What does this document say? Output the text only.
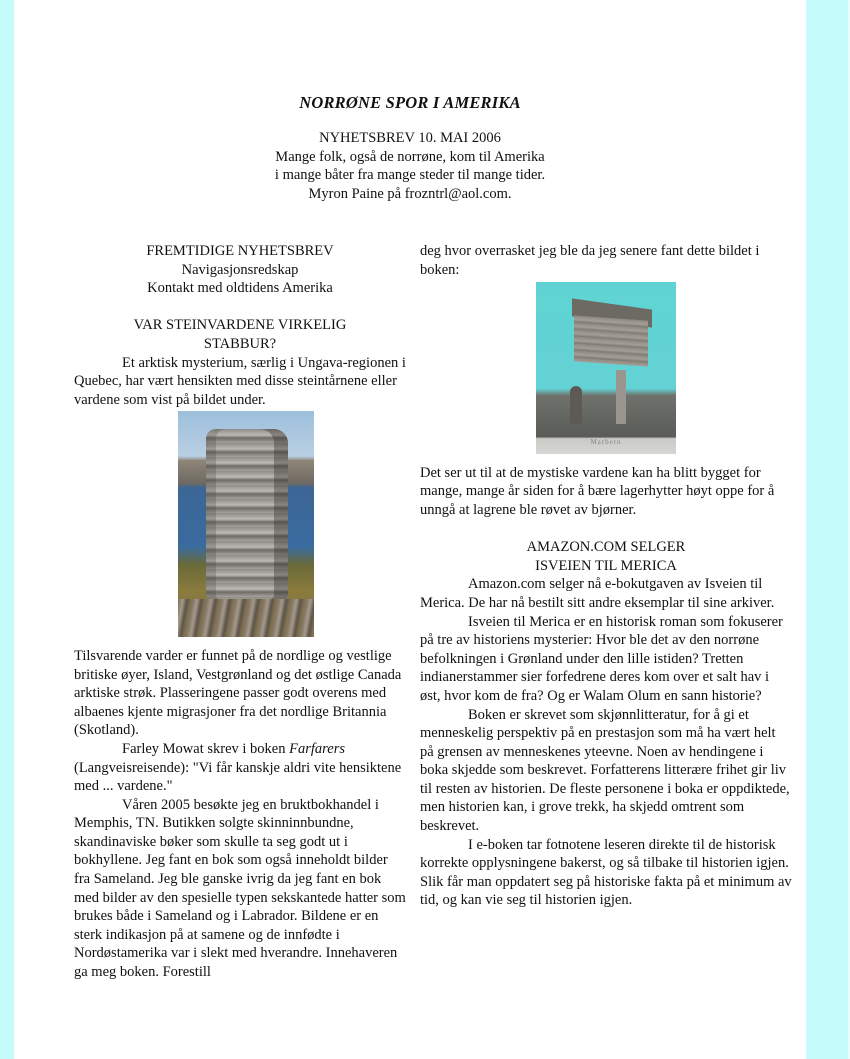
NORRØNE SPOR I AMERIKA

NYHETSBREV 10. MAI 2006

Mange folk, også de norrøne, kom til Amerika

i mange båter fra mange steder til mange tider.

Myron Paine på frozntrl@aol.com.

FREMTIDIGE NYHETSBREV
Navigasjonsredskap
Kontakt med oldtidens Amerika
VAR STEINVARDENE VIRKELIG
STABBUR?

Et arktisk mysterium, særlig i Ungava-regionen i Quebec, har vært hensikten med disse steintårnene eller vardene som vist på bildet under.

Tilsvarende varder er funnet på de nordlige og vestlige britiske øyer, Island, Vestgrønland og det østlige Canada arktiske strøk. Plasseringene passer godt overens med albaenes kjente migrasjoner fra det nordlige Britannia (Skotland).

Farley Mowat skrev i boken Farfarers (Langveisreisende): "Vi får kanskje aldri vite hensiktene med ... vardene."

Våren 2005 besøkte jeg en bruktbokhandel i Memphis, TN. Butikken solgte skinninnbundne, skandinaviske bøker som skulle ta seg godt ut i bokhyllene. Jeg fant en bok som også inneholdt bilder fra Sameland. Jeg ble ganske ivrig da jeg fant en bok med bilder av den spesielle typen sekskantede hatter som brukes både i Sameland og i Labrador. Bildene er en sterk indikasjon på at samene og de innfødte i Nordøstamerika var i slekt med hverandre. Innehaveren ga meg boken. Forestill

deg hvor overrasket jeg ble da jeg senere fant dette bildet i boken:

Marbern

Det ser ut til at de mystiske vardene kan ha blitt bygget for mange, mange år siden for å bære lagerhytter høyt oppe for å unngå at lagrene ble røvet av bjørner.

AMAZON.COM SELGER
ISVEIEN TIL MERICA

Amazon.com selger nå e-bokutgaven av Isveien til Merica. De har nå bestilt sitt andre eksemplar til sine arkiver.

Isveien til Merica er en historisk roman som fokuserer på tre av historiens mysterier: Hvor ble det av den norrøne befolkningen i Grønland under den lille istiden? Tretten indianerstammer sier forfedrene deres kom over et salt hav i øst, hvor kom de fra? Og er Walam Olum en sann historie?

Boken er skrevet som skjønnlitteratur, for å gi et menneskelig perspektiv på en prestasjon som må ha vært helt på grensen av menneskenes yteevne. Noen av hendingene i boka skjedde som beskrevet. Forfatterens litterære frihet gir liv til resten av historien. De fleste personene i boka er oppdiktede, men historien kan, i grove trekk, ha skjedd omtrent som beskrevet.

I e-boken tar fotnotene leseren direkte til de historisk korrekte opplysningene bakerst, og så tilbake til historien igjen. Slik får man oppdatert seg på historiske fakta på et minimum av tid, og kan vie seg til historien igjen.
